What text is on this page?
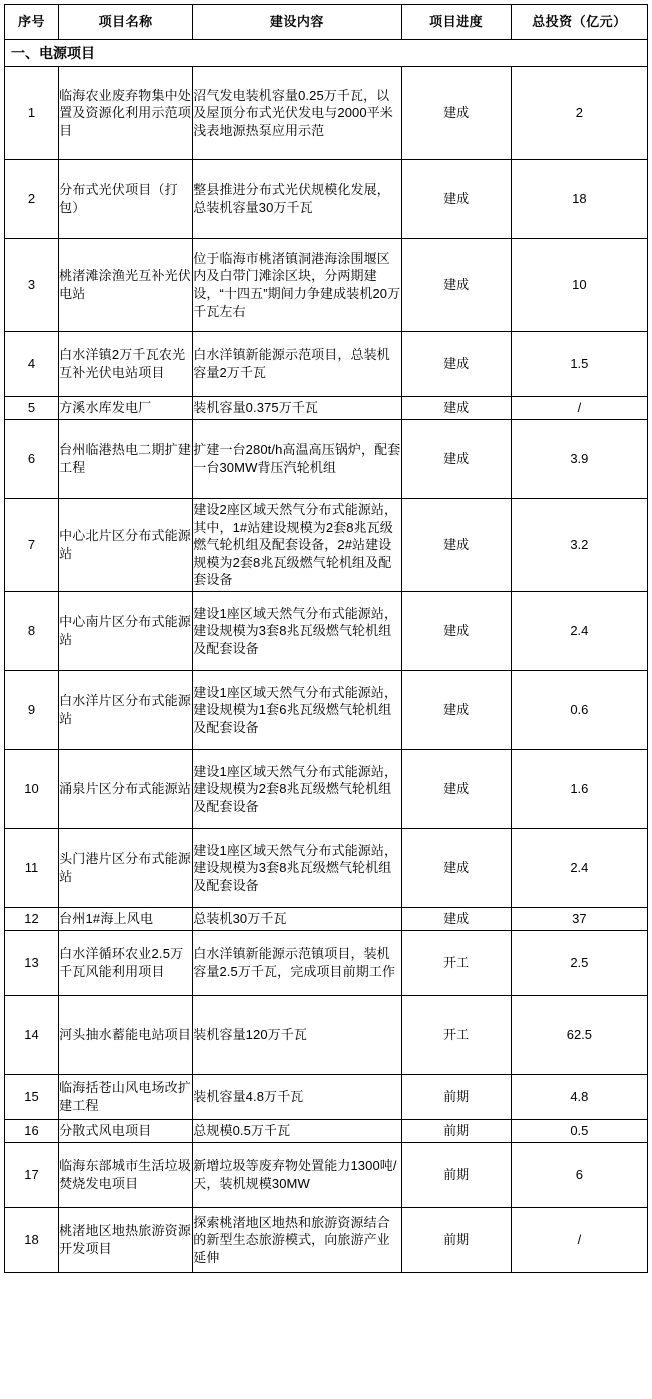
序号	项目名称	建设内容	项目进度	总投资（亿元）
一、电源项目				
1	临海农业废弃物集中处置及资源化利用示范项目	沼气发电装机容量0.25万千瓦，以及屋顶分布式光伏发电与2000平米浅表地源热泵应用示范	建成	2
2	分布式光伏项目（打包）	整县推进分布式光伏规模化发展，总装机容量30万千瓦	建成	18
3	桃渚滩涂渔光互补光伏电站	位于临海市桃渚镇洞港海涂围堰区内及白带门滩涂区块，分两期建设，“十四五”期间力争建成装机20万千瓦左右	建成	10
4	白水洋镇2万千瓦农光互补光伏电站项目	白水洋镇新能源示范项目，总装机容量2万千瓦	建成	1.5
5	方溪水库发电厂	装机容量0.375万千瓦	建成	/
6	台州临港热电二期扩建工程	扩建一台280t/h高温高压锅炉，配套一台30MW背压汽轮机组	建成	3.9
7	中心北片区分布式能源站	建设2座区域天然气分布式能源站，其中，1#站建设规模为2套8兆瓦级燃气轮机组及配套设备，2#站建设规模为2套8兆瓦级燃气轮机组及配套设备	建成	3.2
8	中心南片区分布式能源站	建设1座区域天然气分布式能源站，建设规模为3套8兆瓦级燃气轮机组及配套设备	建成	2.4
9	白水洋片区分布式能源站	建设1座区域天然气分布式能源站，建设规模为1套6兆瓦级燃气轮机组及配套设备	建成	0.6
10	涌泉片区分布式能源站	建设1座区域天然气分布式能源站，建设规模为2套8兆瓦级燃气轮机组及配套设备	建成	1.6
11	头门港片区分布式能源站	建设1座区域天然气分布式能源站，建设规模为3套8兆瓦级燃气轮机组及配套设备	建成	2.4
12	台州1#海上风电	总装机30万千瓦	建成	37
13	白水洋循环农业2.5万千瓦风能利用项目	白水洋镇新能源示范镇项目，装机容量2.5万千瓦，完成项目前期工作	开工	2.5
14	河头抽水蓄能电站项目	装机容量120万千瓦	开工	62.5
15	临海括苍山风电场改扩建工程	装机容量4.8万千瓦	前期	4.8
16	分散式风电项目	总规模0.5万千瓦	前期	0.5
17	临海东部城市生活垃圾焚烧发电项目	新增垃圾等废弃物处置能力1300吨/天，装机规模30MW	前期	6
18	桃渚地区地热旅游资源开发项目	探索桃渚地区地热和旅游资源结合的新型生态旅游模式，向旅游产业延伸	前期	/
